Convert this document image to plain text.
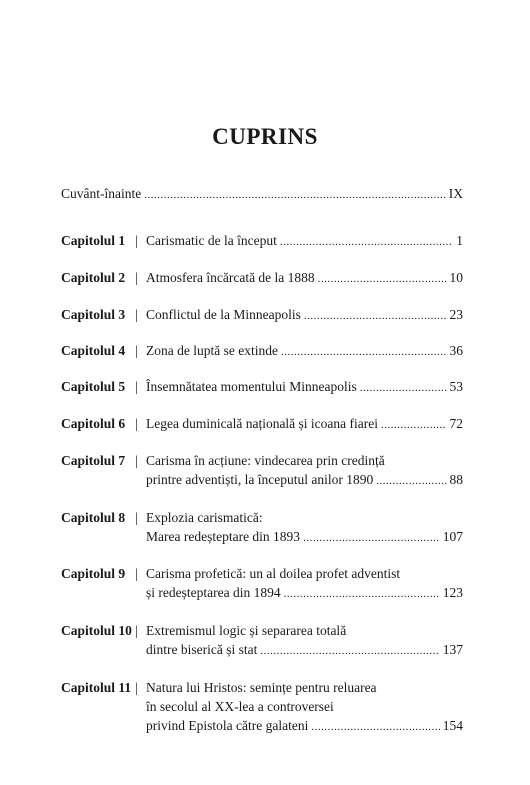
CUPRINS
Cuvânt-înainte .....	IX
Capitolul 1 | Carismatic de la început .....	1
Capitolul 2 | Atmosfera încărcată de la 1888 .....	10
Capitolul 3 | Conflictul de la Minneapolis .....	23
Capitolul 4 | Zona de luptă se extinde .....	36
Capitolul 5 | Însemnătatea momentului Minneapolis .....	53
Capitolul 6 | Legea duminicală națională și icoana fiarei .....	72
Capitolul 7 | Carisma în acțiune: vindecarea prin credință
printre adventiști, la începutul anilor 1890 .....	88
Capitolul 8 | Explozia carismatică:
Marea redeșteptare din 1893 .....	107
Capitolul 9 | Carisma profetică: un al doilea profet adventist
și redeșteptarea din 1894 .....	123
Capitolul 10 | Extremismul logic și separarea totală
dintre biserică și stat .....	137
Capitolul 11 | Natura lui Hristos: semințe pentru reluarea
în secolul al XX-lea a controversei
privind Epistola către galateni .....	154
